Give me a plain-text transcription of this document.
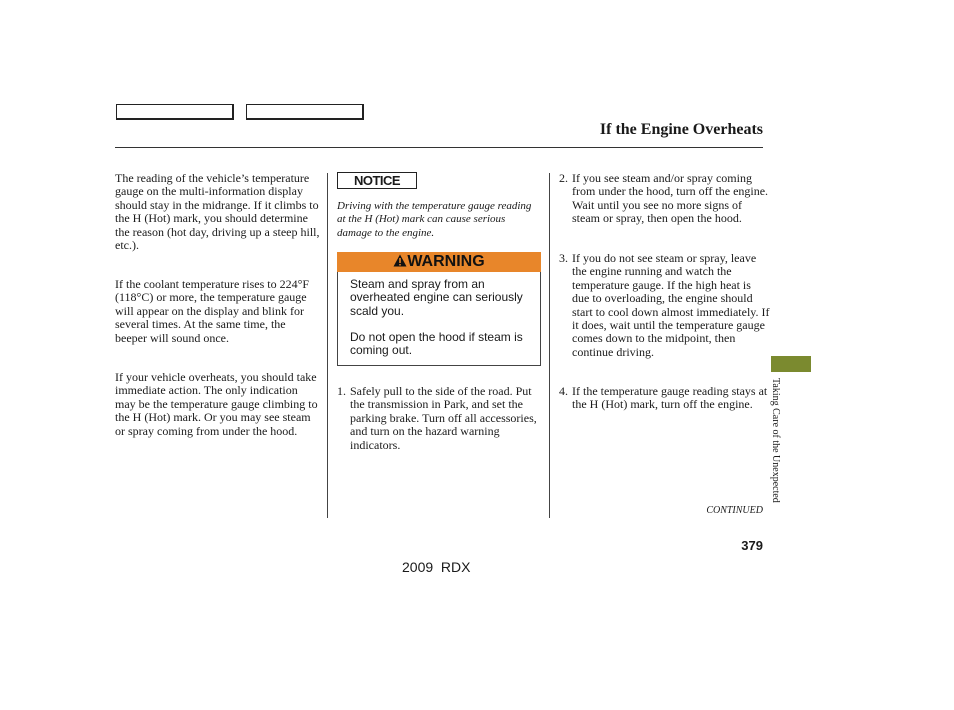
If the Engine Overheats

The reading of the vehicle’s temperature gauge on the multi-information display should stay in the midrange. If it climbs to the H (Hot) mark, you should determine the reason (hot day, driving up a steep hill, etc.).

If the coolant temperature rises to 224°F (118°C) or more, the temperature gauge will appear on the display and blink for several times. At the same time, the beeper will sound once.

If your vehicle overheats, you should take immediate action. The only indication may be the temperature gauge climbing to the H (Hot) mark. Or you may see steam or spray coming from under the hood.

NOTICE

Driving with the temperature gauge reading at the H (Hot) mark can cause serious damage to the engine.

WARNING

Steam and spray from an overheated engine can seriously scald you.

Do not open the hood if steam is coming out.

1. Safely pull to the side of the road. Put the transmission in Park, and set the parking brake. Turn off all accessories, and turn on the hazard warning indicators.
2. If you see steam and/or spray coming from under the hood, turn off the engine. Wait until you see no more signs of steam or spray, then open the hood.
3. If you do not see steam or spray, leave the engine running and watch the temperature gauge. If the high heat is due to overloading, the engine should start to cool down almost immediately. If it does, wait until the temperature gauge comes down to the midpoint, then continue driving.
4. If the temperature gauge reading stays at the H (Hot) mark, turn off the engine.	Taking Care of the Unexpected
CONTINUED
379
2009  RDX
